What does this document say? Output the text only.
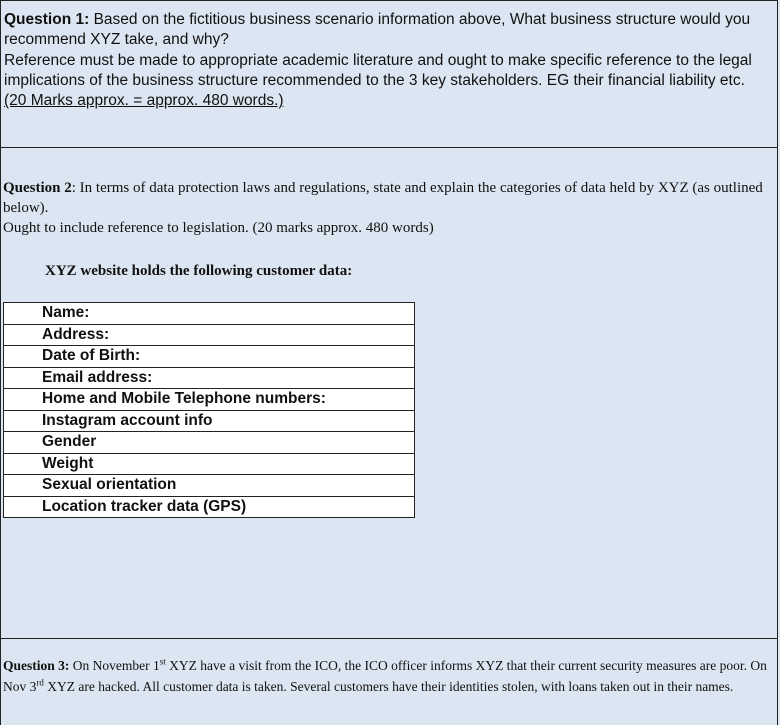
Question 1: Based on the fictitious business scenario information above, What business structure would you recommend XYZ take, and why?

Reference must be made to appropriate academic literature and ought to make specific reference to the legal implications of the business structure recommended to the 3 key stakeholders. EG their financial liability etc.

(20 Marks approx. = approx. 480 words.)

Question 2: In terms of data protection laws and regulations, state and explain the categories of data held by XYZ (as outlined below).

Ought to include reference to legislation. (20 marks approx. 480 words)

XYZ website holds the following customer data:

Name:
Address:
Date of Birth:
Email address:
Home and Mobile Telephone numbers:
Instagram account info
Gender
Weight
Sexual orientation
Location tracker data (GPS)

Question 3: On November 1st XYZ have a visit from the ICO, the ICO officer informs XYZ that their current security measures are poor. On Nov 3rd XYZ are hacked. All customer data is taken. Several customers have their identities stolen, with loans taken out in their names.
